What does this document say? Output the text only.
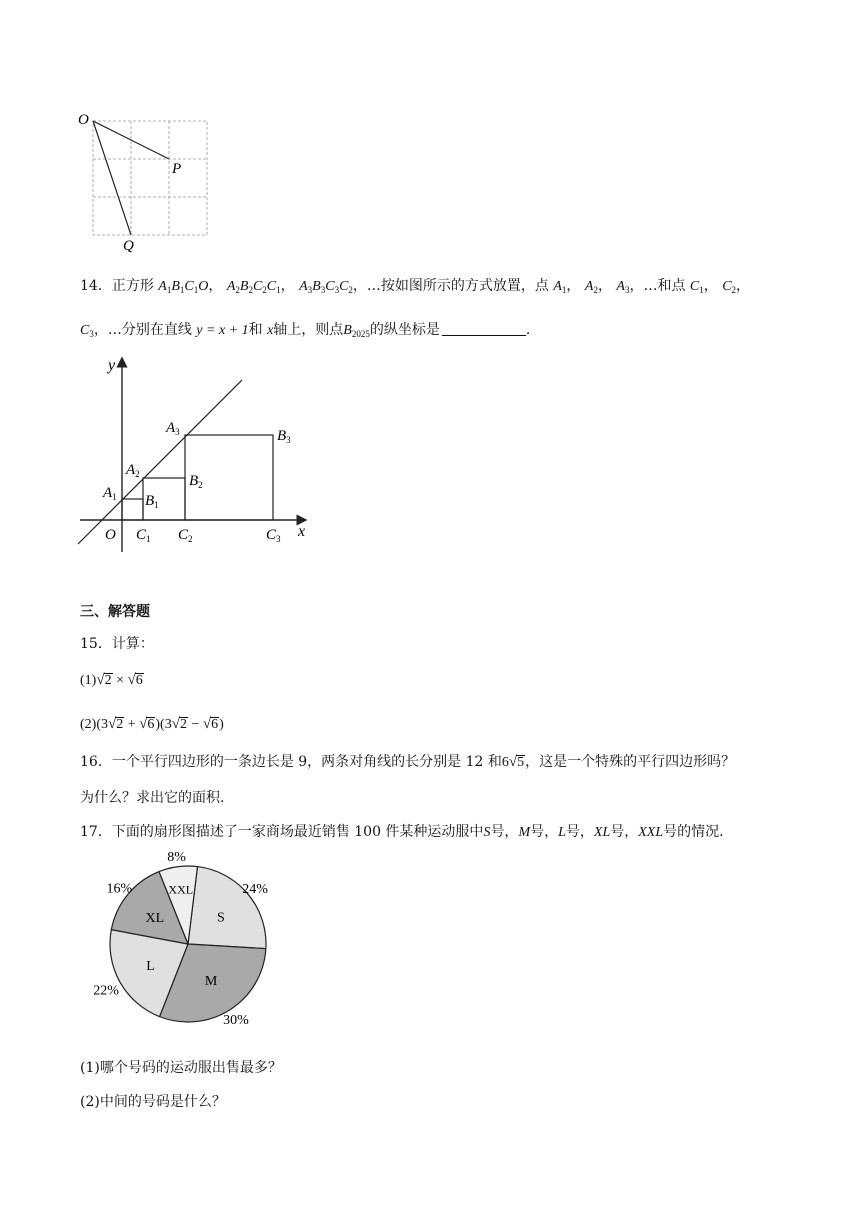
O
P
Q
14．正方形 $A_1B_1C_1O$， $A_2B_2C_2C_1$， $A_3B_3C_3C_2$，…按如图所示的方式放置，点 $A_1$， $A_2$， $A_3$，…和点 $C_1$， $C_2$，
$C_3$，…分别在直线 y = x + 1和 x轴上，则点$B_{2025}$的纵坐标是	.
y
x
O
$A_1$
$A_2$
$A_3$
$B_1$
$B_2$
$B_3$
$C_1$ $C_2$	$C_3$
三、解答题
15．计算：
(1)√2 × √6
(2)(3√2 + √6)(3√2 − √6)
16．一个平行四边形的一条边长是 9，两条对角线的长分别是 12 和6√5，这是一个特殊的平行四边形吗？
为什么？求出它的面积.
17．下面的扇形图描述了一家商场最近销售 100 件某种运动服中S号，M号，L号，XL号，XXL号的情况.
S
24%
M
30%
L
22%
XL
16%	XXL
8%
(1)哪个号码的运动服出售最多？
(2)中间的号码是什么？
